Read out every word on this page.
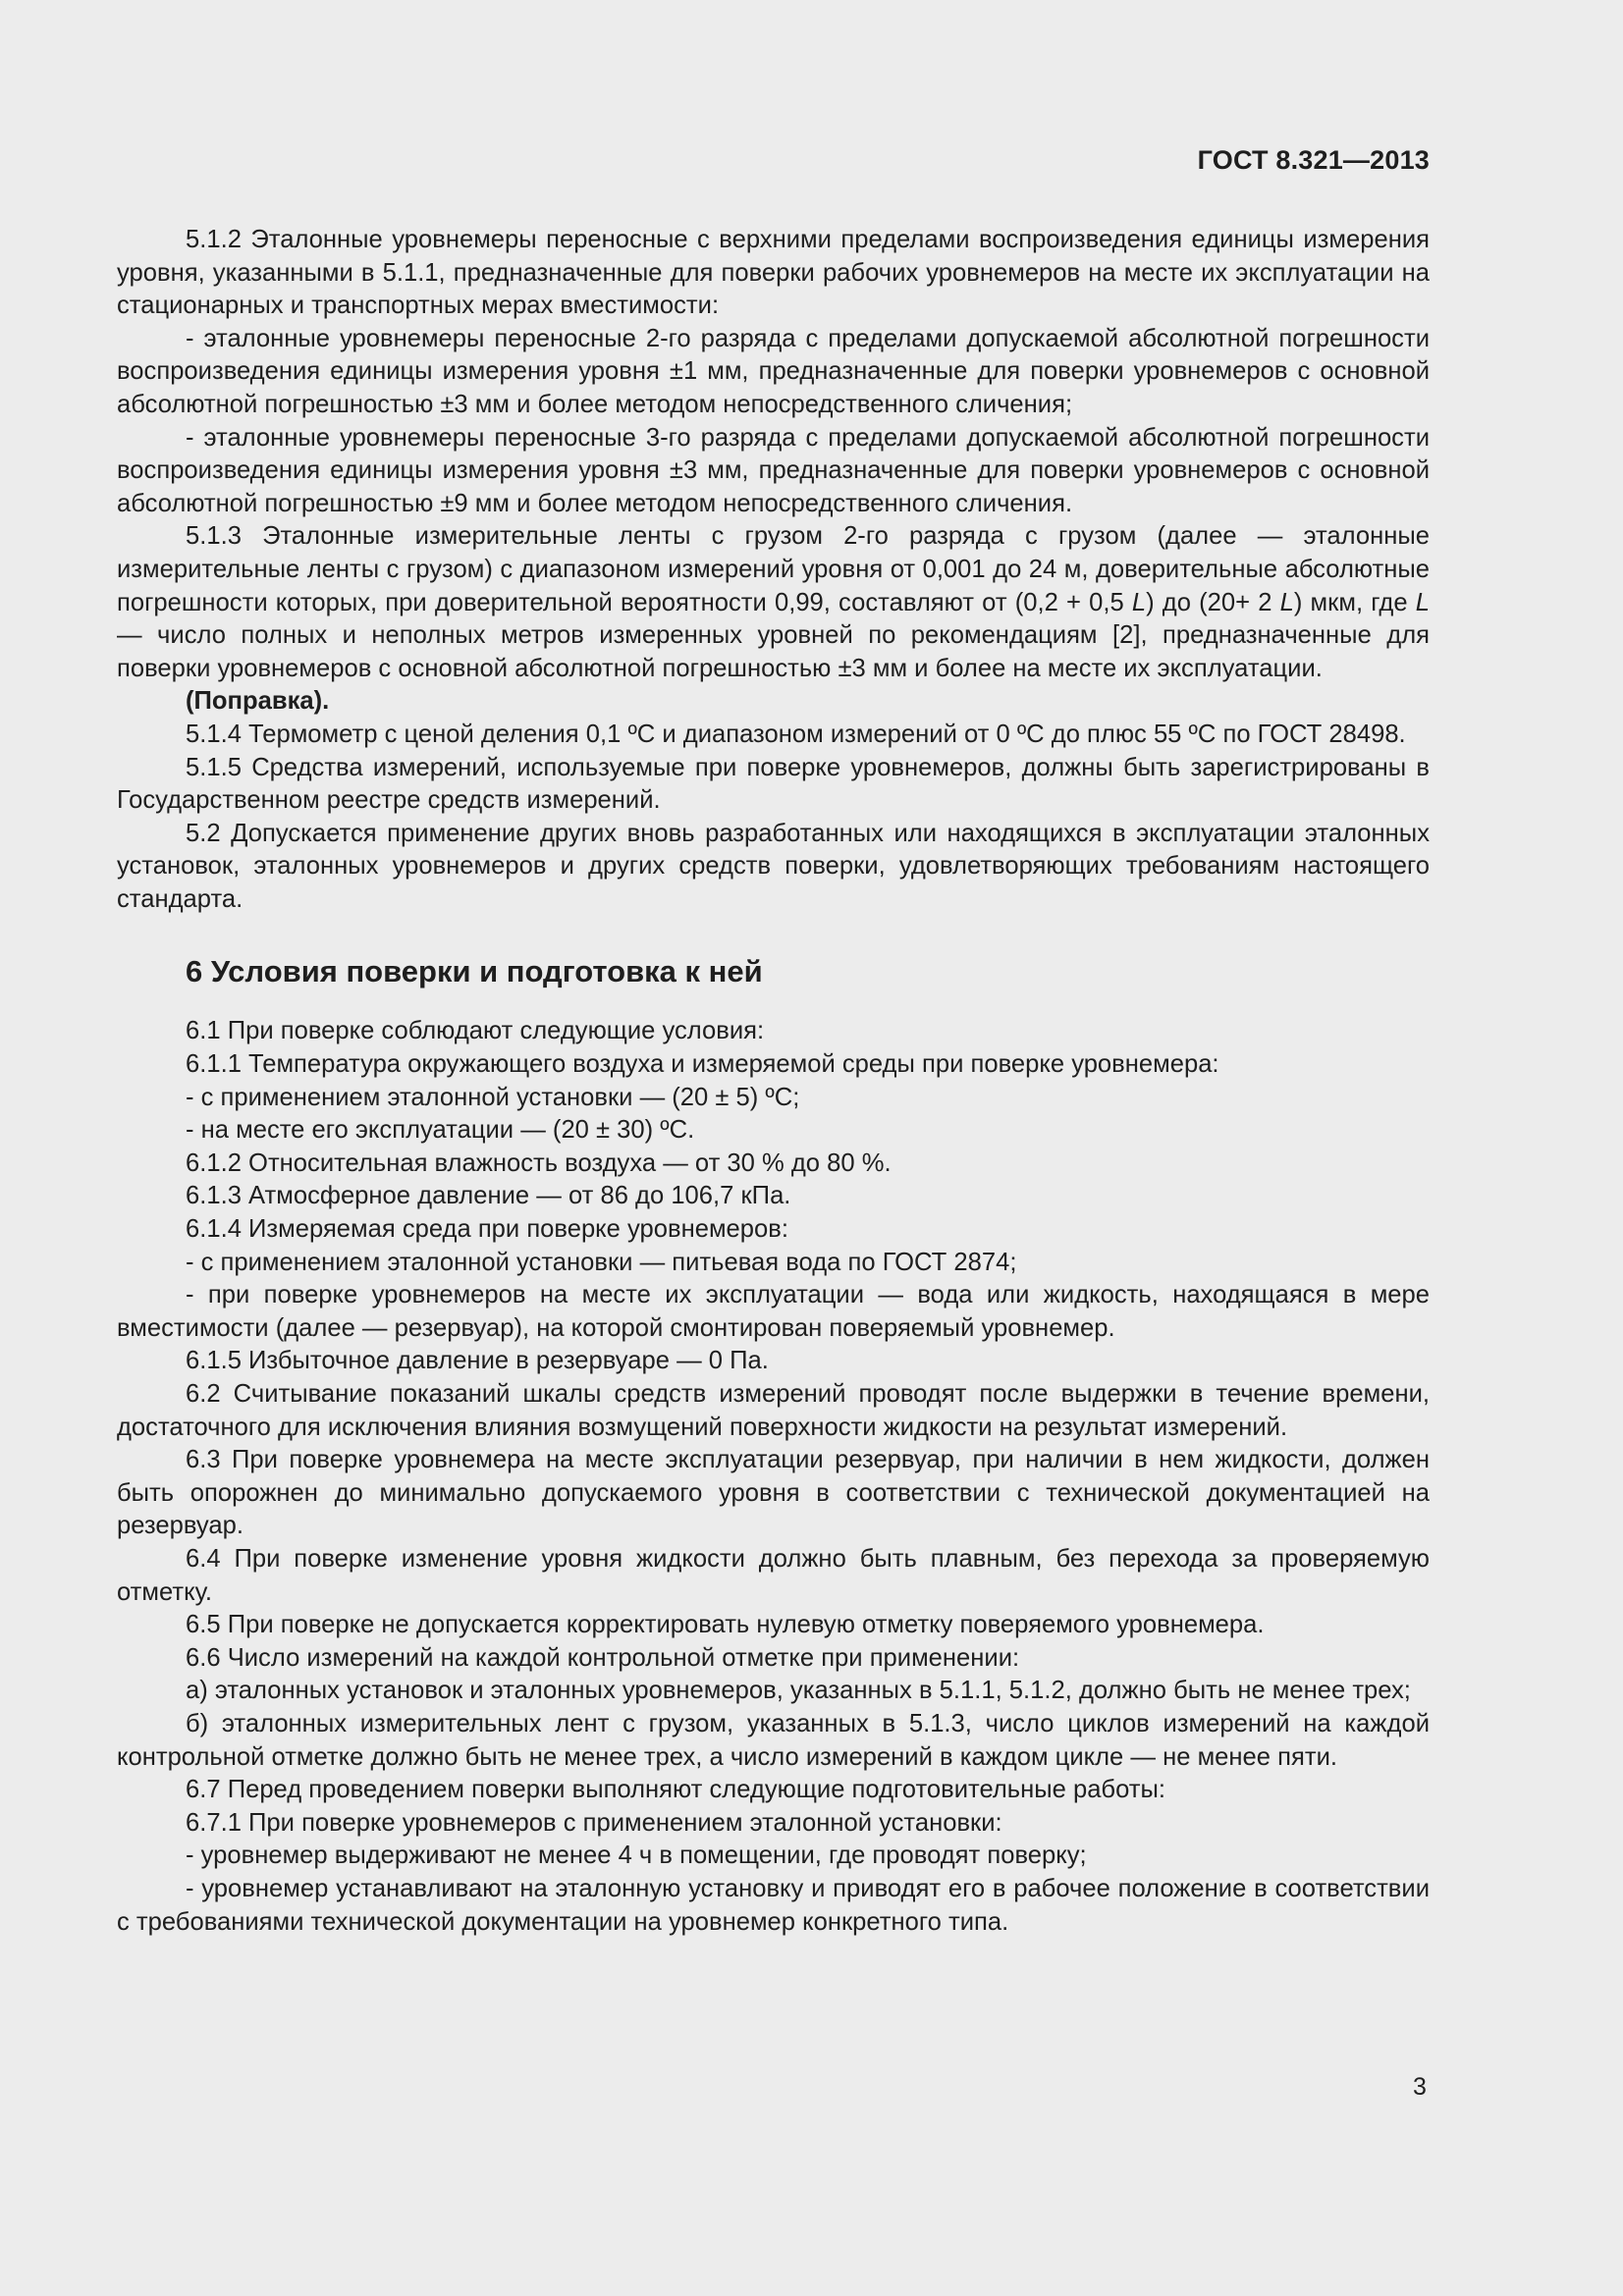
ГОСТ 8.321—2013

5.1.2 Эталонные уровнемеры переносные с верхними пределами воспроизведения единицы измерения уровня, указанными в 5.1.1, предназначенные для поверки рабочих уровнемеров на месте их эксплуатации на стационарных и транспортных мерах вместимости:

- эталонные уровнемеры переносные 2-го разряда с пределами допускаемой абсолютной погрешности воспроизведения единицы измерения уровня ±1 мм, предназначенные для поверки уровнемеров с основной абсолютной погрешностью ±3 мм и более методом непосредственного сличения;

- эталонные уровнемеры переносные 3-го разряда с пределами допускаемой абсолютной погрешности воспроизведения единицы измерения уровня ±3 мм, предназначенные для поверки уровнемеров с основной абсолютной погрешностью ±9 мм и более методом непосредственного сличения.

5.1.3 Эталонные измерительные ленты с грузом 2-го разряда с грузом (далее — эталонные измерительные ленты с грузом) с диапазоном измерений уровня от 0,001 до 24 м, доверительные абсолютные погрешности которых, при доверительной вероятности 0,99, составляют от (0,2 + 0,5 L) до (20+ 2 L) мкм, где L — число полных и неполных метров измеренных уровней по рекомендациям [2], предназначенные для поверки уровнемеров с основной абсолютной погрешностью ±3 мм и более на месте их эксплуатации.

(Поправка).

5.1.4 Термометр с ценой деления 0,1 ºС и диапазоном измерений от 0 ºС до плюс 55 ºС по ГОСТ 28498.

5.1.5 Средства измерений, используемые при поверке уровнемеров, должны быть зарегистрированы в Государственном реестре средств измерений.

5.2 Допускается применение других вновь разработанных или находящихся в эксплуатации эталонных установок, эталонных уровнемеров и других средств поверки, удовлетворяющих требованиям настоящего стандарта.

6 Условия поверки и подготовка к ней

6.1 При поверке соблюдают следующие условия:

6.1.1 Температура окружающего воздуха и измеряемой среды при поверке уровнемера:

- с применением эталонной установки — (20 ± 5) ºС;

- на месте его эксплуатации — (20 ± 30) ºС.

6.1.2 Относительная влажность воздуха — от 30 % до 80 %.

6.1.3 Атмосферное давление — от 86 до 106,7 кПа.

6.1.4 Измеряемая среда при поверке уровнемеров:

- с применением эталонной установки — питьевая вода по ГОСТ 2874;

- при поверке уровнемеров на месте их эксплуатации — вода или жидкость, находящаяся в мере вместимости (далее — резервуар), на которой смонтирован поверяемый уровнемер.

6.1.5 Избыточное давление в резервуаре — 0 Па.

6.2 Считывание показаний шкалы средств измерений проводят после выдержки в течение времени, достаточного для исключения влияния возмущений поверхности жидкости на результат измерений.

6.3 При поверке уровнемера на месте эксплуатации резервуар, при наличии в нем жидкости, должен быть опорожнен до минимально допускаемого уровня в соответствии с технической документацией на резервуар.

6.4 При поверке изменение уровня жидкости должно быть плавным, без перехода за проверяемую отметку.

6.5 При поверке не допускается корректировать нулевую отметку поверяемого уровнемера.

6.6 Число измерений на каждой контрольной отметке при применении:

а) эталонных установок и эталонных уровнемеров, указанных в 5.1.1, 5.1.2, должно быть не менее трех;

б) эталонных измерительных лент с грузом, указанных в 5.1.3, число циклов измерений на каждой контрольной отметке должно быть не менее трех, а число измерений в каждом цикле — не менее пяти.

6.7 Перед проведением поверки выполняют следующие подготовительные работы:

6.7.1 При поверке уровнемеров с применением эталонной установки:

- уровнемер выдерживают не менее 4 ч в помещении, где проводят поверку;

- уровнемер устанавливают на эталонную установку и приводят его в рабочее положение в соответствии с требованиями технической документации на уровнемер конкретного типа.

3
